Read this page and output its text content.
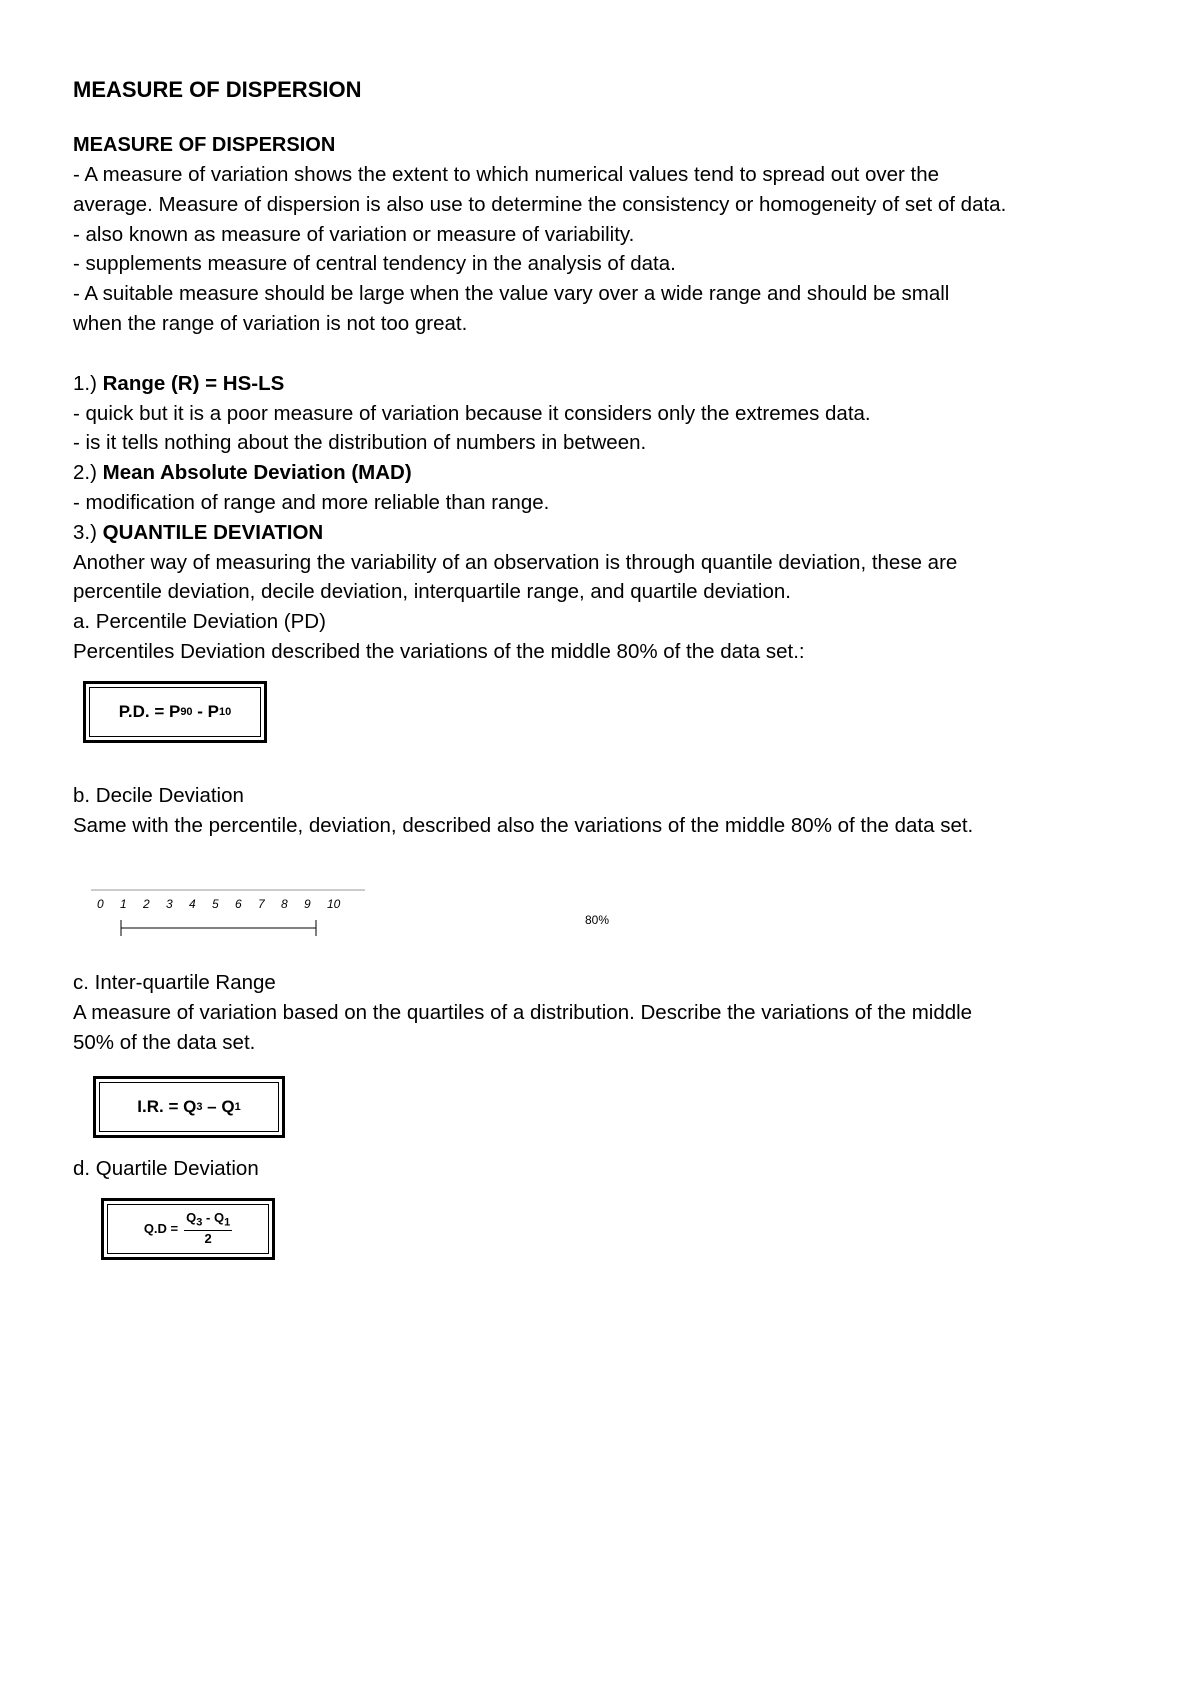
MEASURE OF DISPERSION
MEASURE OF DISPERSION

- A measure of variation shows the extent to which numerical values tend to spread out over the

average. Measure of dispersion is also use to determine the consistency or homogeneity of set of data.

- also known as measure of variation or measure of variability.

- supplements measure of central tendency in the analysis of data.

- A suitable measure should be large when the value vary over a wide range and should be small

when the range of variation is not too great.

1.) Range (R) = HS-LS

- quick but it is a poor measure of variation because it considers only the extremes data.

- is it tells nothing about the distribution of numbers in between.

2.) Mean Absolute Deviation (MAD)

- modification of range and more reliable than range.

3.) QUANTILE DEVIATION

Another way of measuring the variability of an observation is through quantile deviation, these are

percentile deviation, decile deviation, interquartile range, and quartile deviation.

a. Percentile Deviation (PD)

Percentiles Deviation described the variations of the middle 80% of the data set.:

P.D. = P 90 - P 10

b. Decile Deviation

Same with the percentile, deviation, described also the variations of the middle 80% of the data set.

0 1 2 3 4 5 6 7 8 9 10
80%

c. Inter-quartile Range

A measure of variation based on the quartiles of a distribution. Describe the variations of the middle

50% of the data set.

I.R. = Q 3 – Q 1

d. Quartile Deviation

$Q.D = \frac{Q_3 - Q_1}{2}$
